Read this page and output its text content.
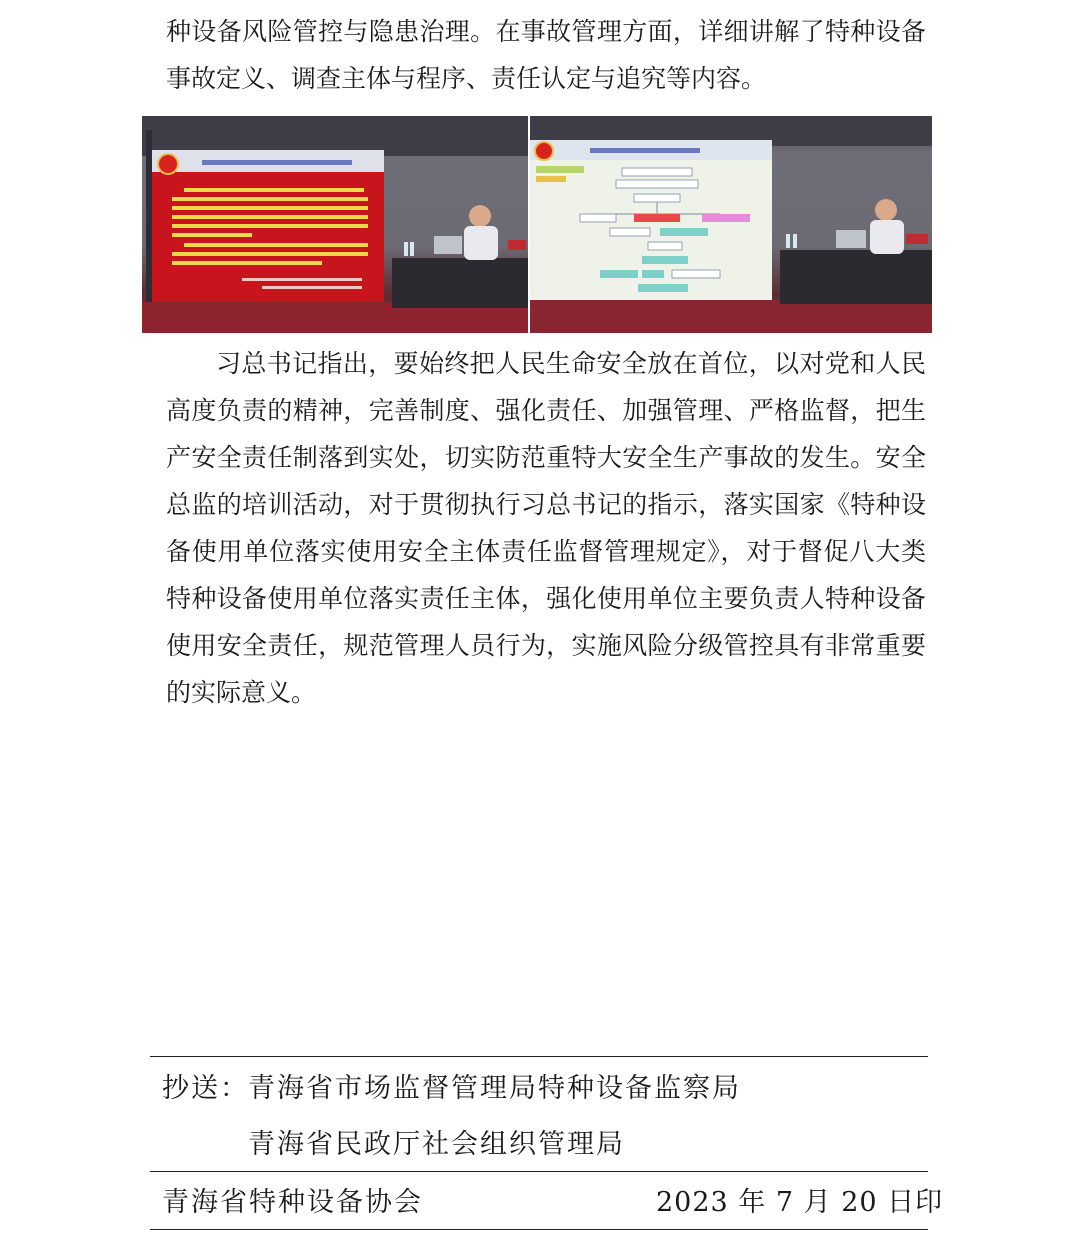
种设备风险管控与隐患治理。在事故管理方面，详细讲解了特种设备事故定义、调查主体与程序、责任认定与追究等内容。

习总书记指出，要始终把人民生命安全放在首位，以对党和人民高度负责的精神，完善制度、强化责任、加强管理、严格监督，把生产安全责任制落到实处，切实防范重特大安全生产事故的发生。安全总监的培训活动，对于贯彻执行习总书记的指示，落实国家《特种设备使用单位落实使用安全主体责任监督管理规定》，对于督促八大类特种设备使用单位落实责任主体，强化使用单位主要负责人特种设备使用安全责任，规范管理人员行为，实施风险分级管控具有非常重要的实际意义。

抄送： 青海省市场监督管理局特种设备监察局
青海省民政厅社会组织管理局
青海省特种设备协会	2023 年 7 月 20 日印
